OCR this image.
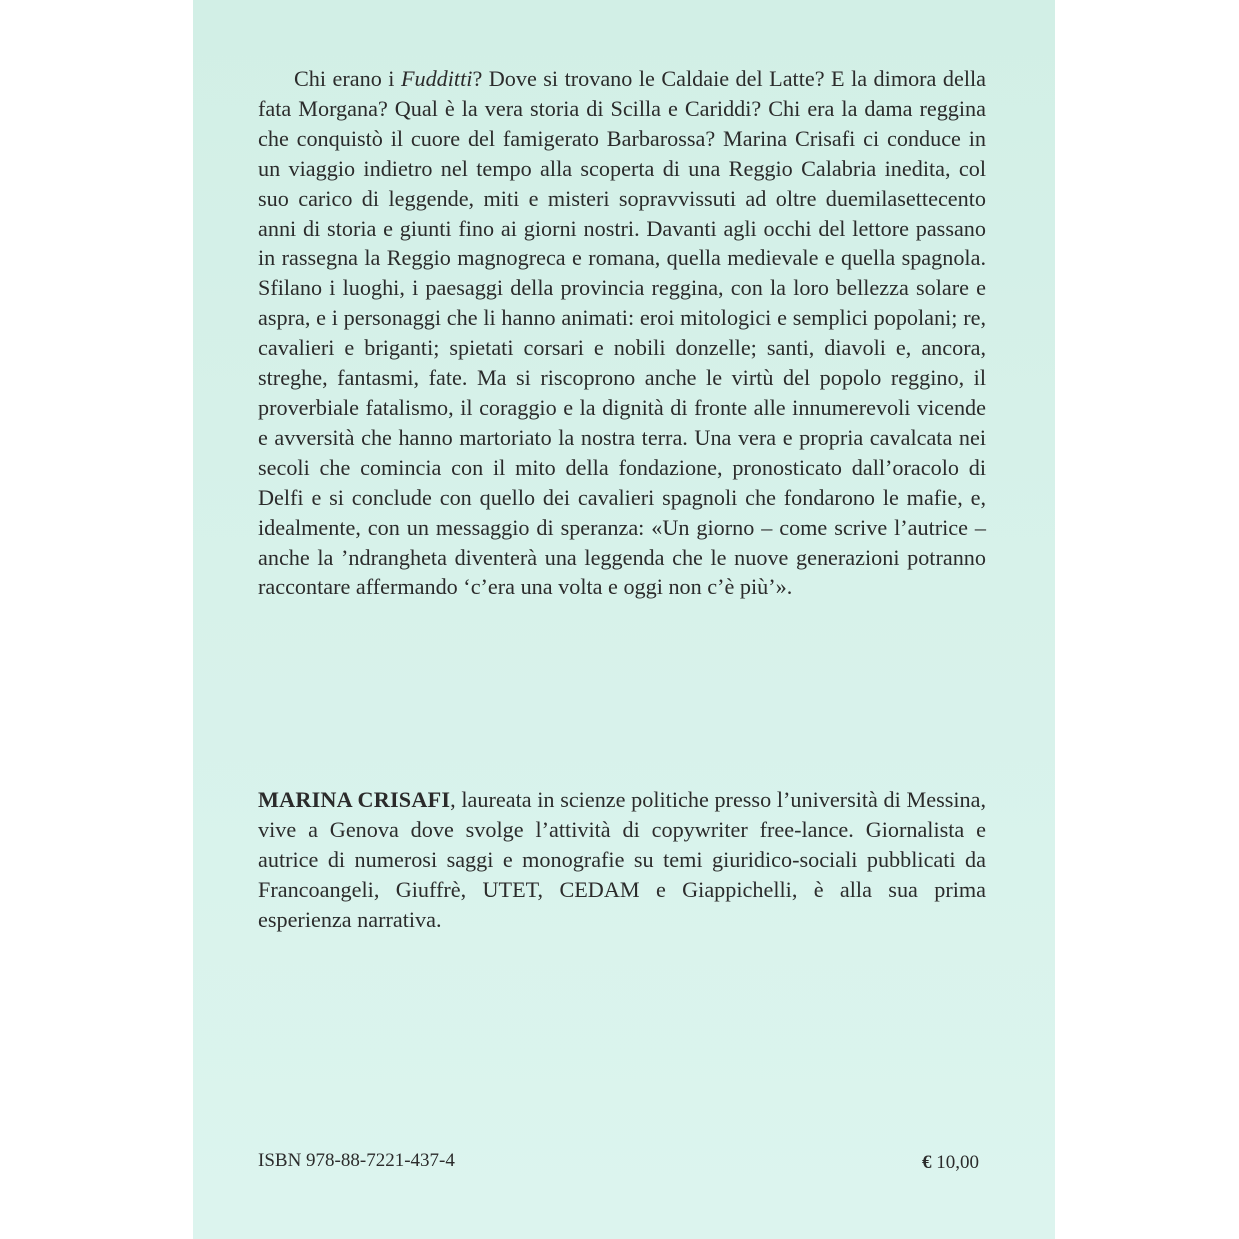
Chi erano i Fudditti? Dove si trovano le Caldaie del Latte? E la dimora della fata Morgana? Qual è la vera storia di Scilla e Cariddi? Chi era la dama reggina che conquistò il cuore del famigerato Barbarossa? Marina Crisafi ci conduce in un viaggio indietro nel tempo alla scoperta di una Reggio Calabria inedita, col suo carico di leggende, miti e misteri sopravvissuti ad oltre duemilasettecento anni di storia e giunti fino ai giorni nostri. Davanti agli occhi del lettore passano in rassegna la Reggio magnogreca e romana, quella medievale e quella spagnola. Sfilano i luoghi, i paesaggi della provincia reggina, con la loro bellezza solare e aspra, e i personaggi che li hanno animati: eroi mitologici e semplici popolani; re, cavalieri e briganti; spietati corsari e nobili donzelle; santi, diavoli e, ancora, streghe, fantasmi, fate. Ma si riscoprono anche le virtù del popolo reggino, il proverbiale fatalismo, il coraggio e la dignità di fronte alle innumerevoli vicende e avversità che hanno martoriato la nostra terra. Una vera e propria cavalcata nei secoli che comincia con il mito della fondazione, pronosticato dall’oracolo di Delfi e si conclude con quello dei cavalieri spagnoli che fondarono le mafie, e, idealmente, con un messaggio di speranza: «Un giorno – come scrive l’autrice – anche la ’ndrangheta diventerà una leggenda che le nuove generazioni potranno raccontare affermando ‘c’era una volta e oggi non c’è più’».

MARINA CRISAFI, laureata in scienze politiche presso l’università di Messina, vive a Genova dove svolge l’attività di copywriter free-lance. Giornalista e autrice di numerosi saggi e monografie su temi giuridico-sociali pubblicati da Francoangeli, Giuffrè, UTET, CEDAM e Giappichelli, è alla sua prima esperienza narrativa.

ISBN 978-88-7221-437-4	€ 10,00
